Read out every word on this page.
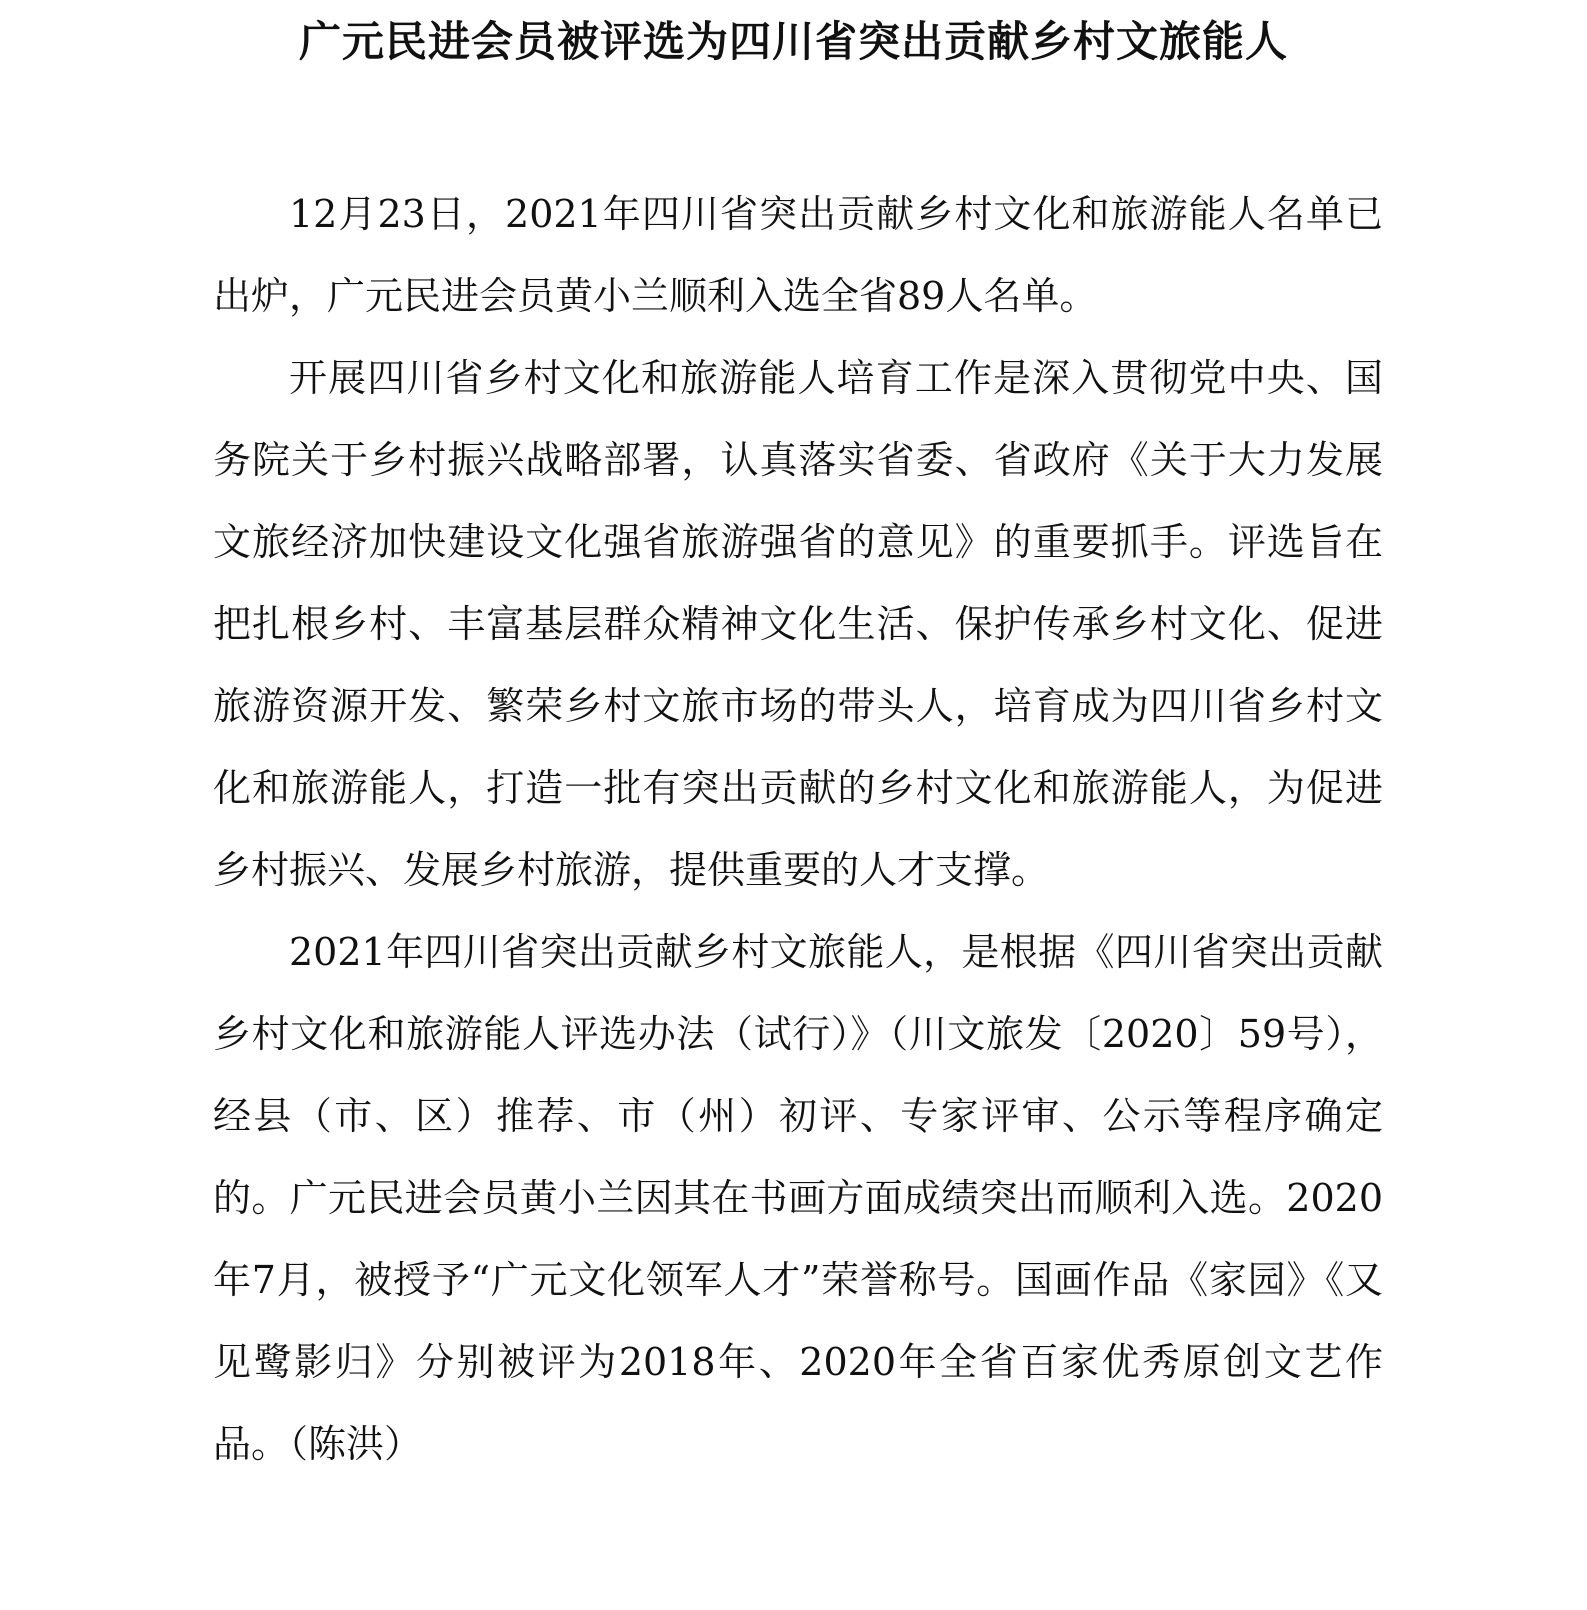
广元民进会员被评选为四川省突出贡献乡村文旅能人

12月23日，2021年四川省突出贡献乡村文化和旅游能人名单已出炉，广元民进会员黄小兰顺利入选全省89人名单。

开展四川省乡村文化和旅游能人培育工作是深入贯彻党中央、国务院关于乡村振兴战略部署，认真落实省委、省政府《关于大力发展文旅经济加快建设文化强省旅游强省的意见》的重要抓手。评选旨在把扎根乡村、丰富基层群众精神文化生活、保护传承乡村文化、促进旅游资源开发、繁荣乡村文旅市场的带头人，培育成为四川省乡村文化和旅游能人，打造一批有突出贡献的乡村文化和旅游能人，为促进乡村振兴、发展乡村旅游，提供重要的人才支撑。

2021年四川省突出贡献乡村文旅能人，是根据《四川省突出贡献乡村文化和旅游能人评选办法（试行）》（川文旅发〔2020〕59号），经县（市、区）推荐、市（州）初评、专家评审、公示等程序确定的。广元民进会员黄小兰因其在书画方面成绩突出而顺利入选。2020年7月，被授予“广元文化领军人才”荣誉称号。国画作品《家园》《又见鹭影归》分别被评为2018年、2020年全省百家优秀原创文艺作品。（陈洪）
